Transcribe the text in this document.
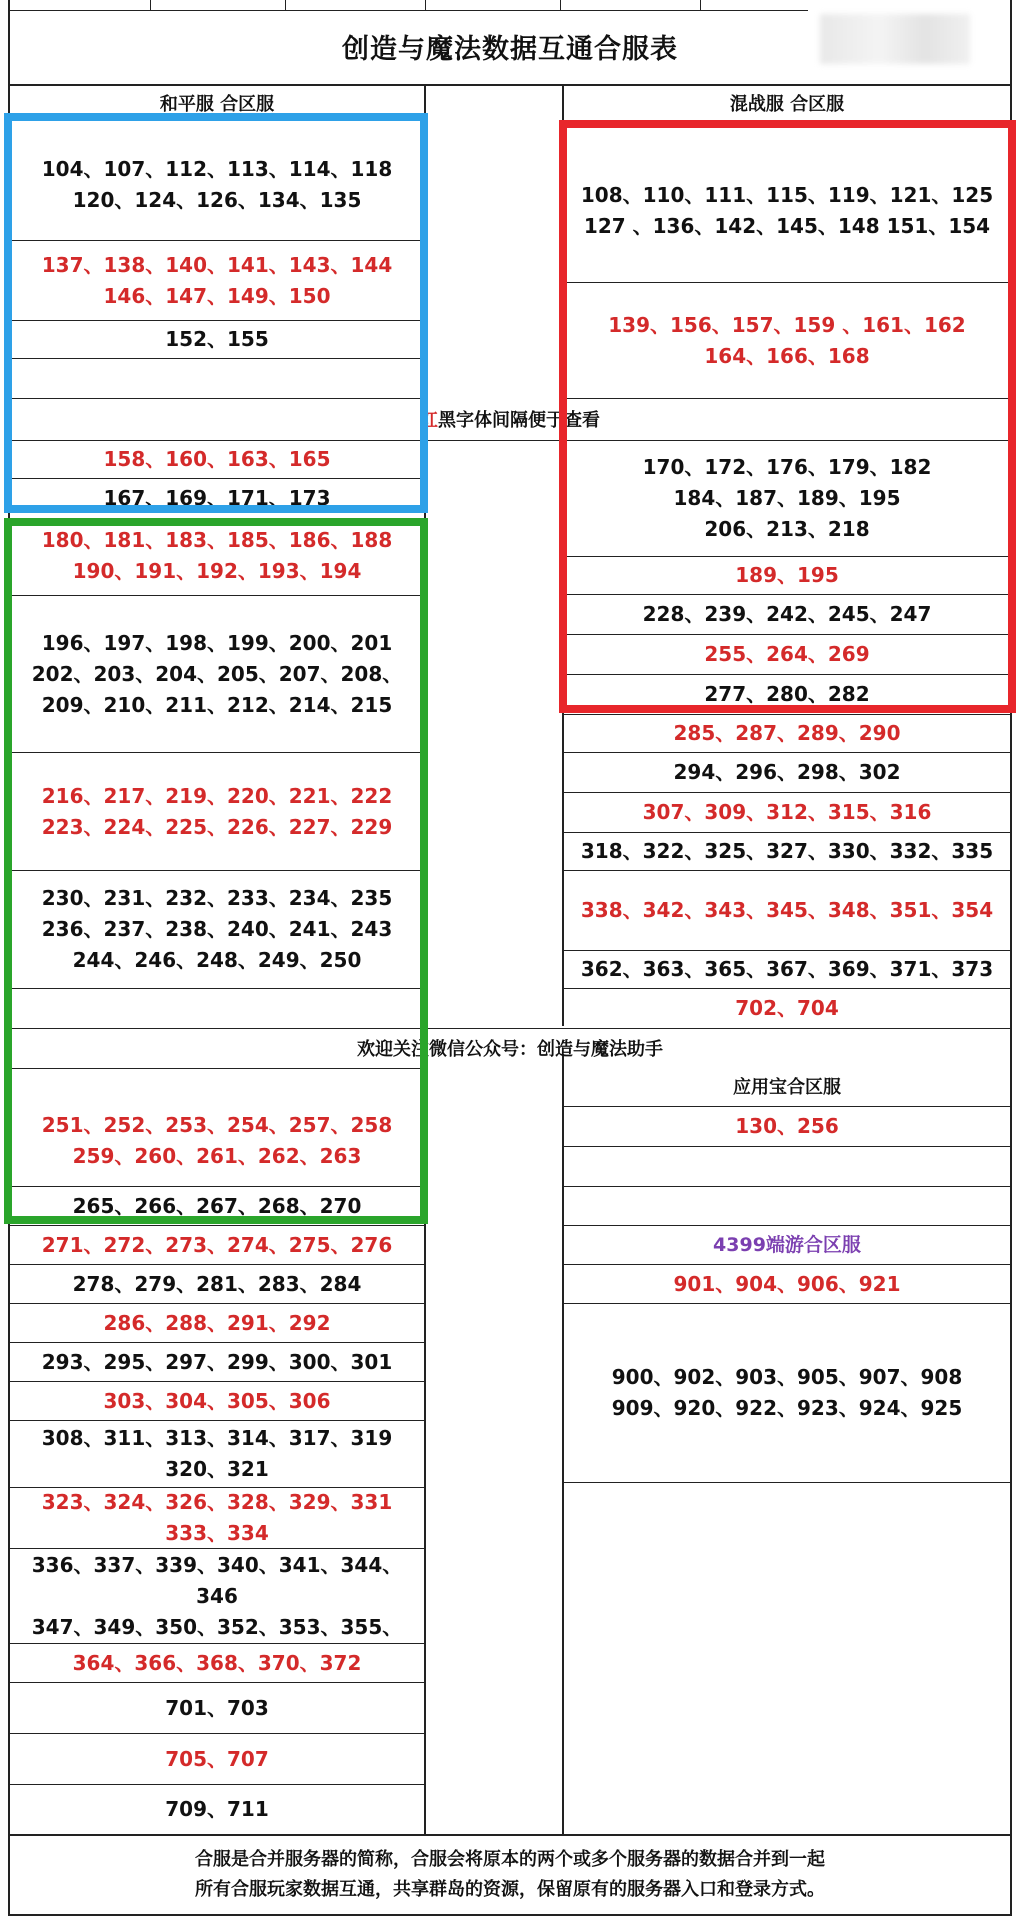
创造与魔法数据互通合服表
和平服 合区服	混战服 合区服
104、107、112、113、114、118
120、124、126、134、135
137、138、140、141、143、144
146、147、149、150
152、155
红 黑字体间隔便于查看
158、160、163、165
167、169、171、173
180、181、183、185、186、188
190、191、192、193、194
196、197、198、199、200、201
202、203、204、205、207、208、
209、210、211、212、214、215
216、217、219、220、221、222
223、224、225、226、227、229
230、231、232、233、234、235
236、237、238、240、241、243
244、246、248、249、250
欢迎关注微信公众号：创造与魔法助手
251、252、253、254、257、258
259、260、261、262、263
265、266、267、268、270
271、272、273、274、275、276
278、279、281、283、284
286、288、291、292
293、295、297、299、300、301
303、304、305、306
308、311、313、314、317、319
320、321
323、324、326、328、329、331
333、334
336、337、339、340、341、344、
346
347、349、350、352、353、355、
364、366、368、370、372
701、703
705、707
709、711
108、110、111、115、119、121、125
127 、136、142、145、148 151、154
139、156、157、159 、161、162
164、166、168
170、172、176、179、182
184、187、189、195
206、213、218
189、195
228、239、242、245、247
255、264、269
277、280、282
285、287、289、290
294、296、298、302
307、309、312、315、316
318、322、325、327、330、332、335
338、342、343、345、348、351、354
362、363、365、367、369、371、373
702、704
应用宝合区服
130、256
4399端游合区服
901、904、906、921
900、902、903、905、907、908
909、920、922、923、924、925
合服是合并服务器的简称，合服会将原本的两个或多个服务器的数据合并到一起
所有合服玩家数据互通，共享群岛的资源，保留原有的服务器入口和登录方式。
